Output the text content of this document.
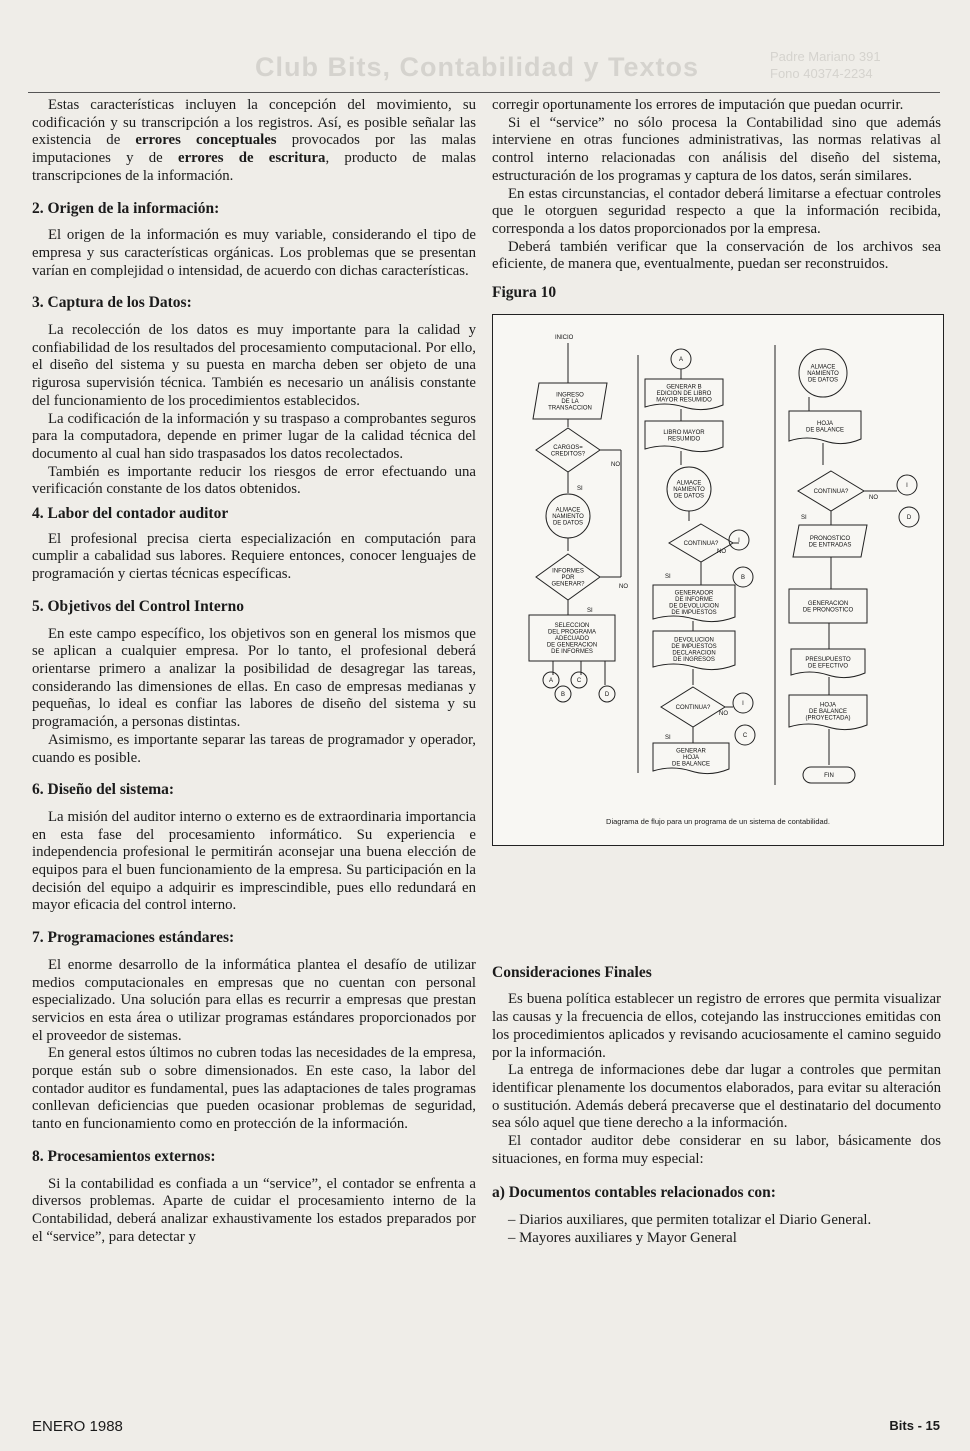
Club Bits, Contabilidad y Textos	Padre Mariano 391
Fono 40374-2234

Estas características incluyen la concepción del movimiento, su codificación y su transcripción a los registros. Así, es posible señalar las existencia de errores conceptuales provocados por las malas imputaciones y de errores de escritura, producto de malas transcripciones de la información.

2. Origen de la información:

El origen de la información es muy variable, considerando el tipo de empresa y sus características orgánicas. Los problemas que se presentan varían en complejidad o intensidad, de acuerdo con dichas características.

3. Captura de los Datos:

La recolección de los datos es muy importante para la calidad y confiabilidad de los resultados del procesamiento computacional. Por ello, el diseño del sistema y su puesta en marcha deben ser objeto de una rigurosa supervisión técnica. También es necesario un análisis constante del funcionamiento de los procedimientos establecidos.

La codificación de la información y su traspaso a comprobantes seguros para la computadora, depende en primer lugar de la calidad técnica del documento al cual han sido traspasados los datos recolectados.

También es importante reducir los riesgos de error efectuando una verificación constante de los datos obtenidos.

4. Labor del contador auditor

El profesional precisa cierta especialización en computación para cumplir a cabalidad sus labores. Requiere entonces, conocer lenguajes de programación y ciertas técnicas específicas.

5. Objetivos del Control Interno

En este campo específico, los objetivos son en general los mismos que se aplican a cualquier empresa. Por lo tanto, el profesional deberá orientarse primero a analizar la posibilidad de desagregar las tareas, considerando las dimensiones de ellas. En caso de empresas medianas y pequeñas, lo ideal es confiar las labores de diseño del sistema y su programación, a personas distintas.

Asimismo, es importante separar las tareas de programador y operador, cuando es posible.

6. Diseño del sistema:

La misión del auditor interno o externo es de extraordinaria importancia en esta fase del procesamiento informático. Su experiencia e independencia profesional le permitirán aconsejar una buena elección de equipos para el buen funcionamiento de la empresa. Su participación en la decisión del equipo a adquirir es imprescindible, pues ello redundará en mayor eficacia del control interno.

7. Programaciones estándares:

El enorme desarrollo de la informática plantea el desafío de utilizar medios computacionales en empresas que no cuentan con personal especializado. Una solución para ellas es recurrir a empresas que prestan servicios en esta área o utilizar programas estándares proporcionados por el proveedor de sistemas.

En general estos últimos no cubren todas las necesidades de la empresa, porque están sub o sobre dimensionados. En este caso, la labor del contador auditor es fundamental, pues las adaptaciones de tales programas conllevan deficiencias que pueden ocasionar problemas de seguridad, tanto en funcionamiento como en protección de la información.

8. Procesamientos externos:

Si la contabilidad es confiada a un “service”, el contador se enfrenta a diversos problemas. Aparte de cuidar el procesamiento interno de la Contabilidad, deberá analizar exhaustivamente los estados preparados por el “service”, para detectar y

corregir oportunamente los errores de imputación que puedan ocurrir.

Si el “service” no sólo procesa la Contabilidad sino que además interviene en otras funciones administrativas, las normas relativas al control interno relacionadas con análisis del diseño del sistema, estructuración de los programas y captura de los datos, serán similares.

En estas circunstancias, el contador deberá limitarse a efectuar controles que le otorguen seguridad respecto a que la información recibida, corresponda a los datos proporcionados por la empresa.

Deberá también verificar que la conservación de los archivos sea eficiente, de manera que, eventualmente, puedan ser reconstruidos.

Figura 10
INICIO
INGRESO
DE LA
TRANSACCION
CARGOS=
CREDITOS?
NO
SI
ALMACE
NAMIENTO
DE DATOS
INFORMES
POR
GENERAR?	NO
SI
SELECCION
DEL PROGRAMA
ADECUADO
DE GENERACION
DE INFORMES
A	C
B	D
A
GENERAR B
EDICION DE LIBRO
MAYOR RESUMIDO
LIBRO MAYOR
RESUMIDO
ALMACE
NAMIENTO
DE DATOS
CONTINUA?
NO
I
SI	B
GENERADOR
DE INFORME
DE DEVOLUCION
DE IMPUESTOS
DEVOLUCION
DE IMPUESTOS
DECLARACION
DE INGRESOS
CONTINUA?
NO
I
SI	C
GENERAR
HOJA
DE BALANCE
ALMACE
NAMIENTO
DE DATOS
HOJA
DE BALANCE
CONTINUA?
NO
I
SI	D
PRONOSTICO
DE ENTRADAS
GENERACION
DE PRONOSTICO
PRESUPUESTO
DE EFECTIVO
HOJA
DE BALANCE
(PROYECTADA)
FIN
Diagrama de flujo para un programa de un sistema de contabilidad.
Consideraciones Finales

Es buena política establecer un registro de errores que permita visualizar las causas y la frecuencia de ellos, cotejando las instrucciones emitidas con los procedimientos aplicados y revisando acuciosamente el camino seguido por la información.

La entrega de informaciones debe dar lugar a controles que permitan identificar plenamente los documentos elaborados, para evitar su alteración o sustitución. Además deberá precaverse que el destinatario del documento sea sólo aquel que tiene derecho a la información.

El contador auditor debe considerar en su labor, básicamente dos situaciones, en forma muy especial:

a) Documentos contables relacionados con:

– Diarios auxiliares, que permiten totalizar el Diario General.

– Mayores auxiliares y Mayor General

ENERO 1988	Bits - 15
